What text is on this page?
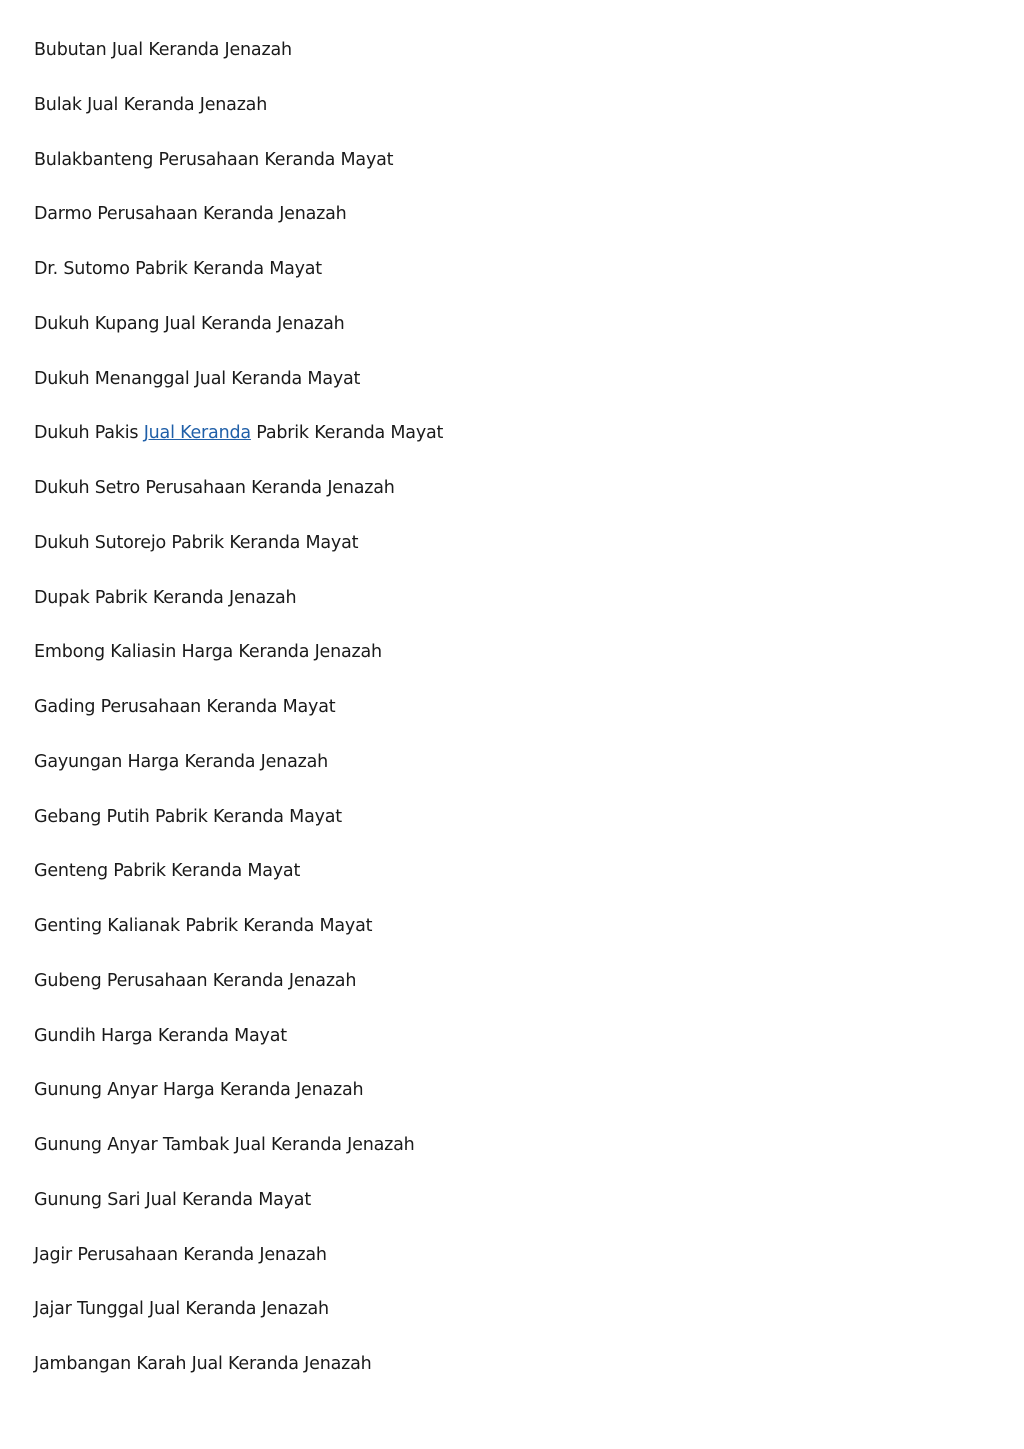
Bubutan Jual Keranda Jenazah
Bulak Jual Keranda Jenazah
Bulakbanteng Perusahaan Keranda Mayat
Darmo Perusahaan Keranda Jenazah
Dr. Sutomo Pabrik Keranda Mayat
Dukuh Kupang Jual Keranda Jenazah
Dukuh Menanggal Jual Keranda Mayat
Dukuh Pakis Jual Keranda Pabrik Keranda Mayat
Dukuh Setro Perusahaan Keranda Jenazah
Dukuh Sutorejo Pabrik Keranda Mayat
Dupak Pabrik Keranda Jenazah
Embong Kaliasin Harga Keranda Jenazah
Gading Perusahaan Keranda Mayat
Gayungan Harga Keranda Jenazah
Gebang Putih Pabrik Keranda Mayat
Genteng Pabrik Keranda Mayat
Genting Kalianak Pabrik Keranda Mayat
Gubeng Perusahaan Keranda Jenazah
Gundih Harga Keranda Mayat
Gunung Anyar Harga Keranda Jenazah
Gunung Anyar Tambak Jual Keranda Jenazah
Gunung Sari Jual Keranda Mayat
Jagir Perusahaan Keranda Jenazah
Jajar Tunggal Jual Keranda Jenazah
Jambangan Karah Jual Keranda Jenazah
